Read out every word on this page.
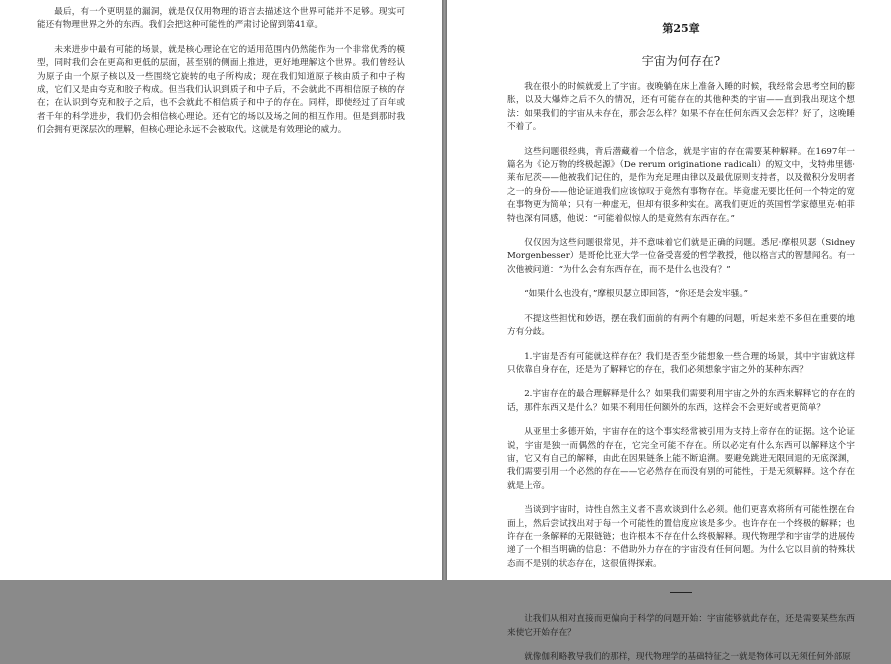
最后，有一个更明显的漏洞，就是仅仅用物理的语言去描述这个世界可能并不足够。现实可能还有物理世界之外的东西。我们会把这种可能性的严肃讨论留到第41章。

未来进步中最有可能的场景，就是核心理论在它的适用范围内仍然能作为一个非常优秀的模型，同时我们会在更高和更低的层面，甚至别的侧面上推进，更好地理解这个世界。我们曾经认为原子由一个原子核以及一些围绕它旋转的电子所构成；现在我们知道原子核由质子和中子构成，它们又是由夸克和胶子构成。但当我们认识到质子和中子后，不会就此不再相信原子核的存在；在认识到夸克和胶子之后，也不会就此不相信质子和中子的存在。同样，即使经过了百年或者千年的科学进步，我们仍会相信核心理论。还有它的场以及场之间的相互作用。但是到那时我们会拥有更深层次的理解，但核心理论永远不会被取代。这就是有效理论的威力。

第25章
宇宙为何存在?

我在很小的时候就爱上了宇宙。夜晚躺在床上准备入睡的时候，我经常会思考空间的膨胀，以及大爆炸之后不久的情况，还有可能存在的其他种类的宇宙——直到我出现这个想法：如果我们的宇宙从未存在，那会怎么样？如果不存在任何东西又会怎样？好了，这晚睡不着了。

这些问题很经典，背后潜藏着一个信念，就是宇宙的存在需要某种解释。在1697年一篇名为《论万物的终极起源》（De rerum originatione radicali）的短文中，戈特弗里德·莱布尼茨——他被我们记住的，是作为充足理由律以及最优原则支持者，以及微积分发明者之一的身份——他论证道我们应该惊叹于竟然有事物存在。毕竟虚无要比任何一个特定的宽在事物更为简单；只有一种虚无，但却有很多种实在。离我们更近的英国哲学家德里克·帕菲特也深有同感，他说：“可能着似惊人的是竟然有东西存在。”

仅仅因为这些问题很常见，并不意味着它们就是正确的问题。悉尼·摩根贝瑟（Sidney Morgenbesser）是哥伦比亚大学一位备受喜爱的哲学教授，他以格言式的智慧闻名。有一次他被问道：“为什么会有东西存在，而不是什么也没有？”

“如果什么也没有，”摩根贝瑟立即回答，“你还是会发牢骚。”

不提这些担忧和妙语，摆在我们面前的有两个有趣的问题，听起来差不多但在重要的地方有分歧。

1.宇宙是否有可能就这样存在？我们是否至少能想象一些合理的场景，其中宇宙就这样只依靠自身存在，还是为了解释它的存在，我们必须想象宇宙之外的某种东西？

2.宇宙存在的最合理解释是什么？如果我们需要利用宇宙之外的东西来解释它的存在的话，那件东西又是什么？如果不利用任何额外的东西，这样会不会更好或者更简单？

从亚里士多德开始，宇宙存在的这个事实经常被引用为支持上帝存在的证据。这个论证说，宇宙是独一而偶然的存在，它完全可能不存在。所以必定有什么东西可以解释这个宇宙，它又有自己的解释，由此在因果链条上能不断追溯。要避免跳进无限回退的无底深渊，我们需要引用一个必然的存在——它必然存在而没有别的可能性，于是无须解释。这个存在就是上帝。

当谈到宇宙时，诗性自然主义者不喜欢谈到什么必须。他们更喜欢将所有可能性摆在台面上，然后尝试找出对于每一个可能性的置信度应该是多少。也许存在一个终极的解释；也许存在一条解释的无限链链；也许根本不存在什么终极解释。现代物理学和宇宙学的进展传递了一个相当明确的信息：不借助外力存在的宇宙没有任何问题。为什么它以目前的特殊状态而不是别的状态存在，这很值得探索。

让我们从相对直接而更偏向于科学的问题开始：宇宙能够就此存在，还是需要某些东西来使它开始存在？

就像伽利略教导我们的那样，现代物理学的基础特征之一就是物体可以无须任何外部原
